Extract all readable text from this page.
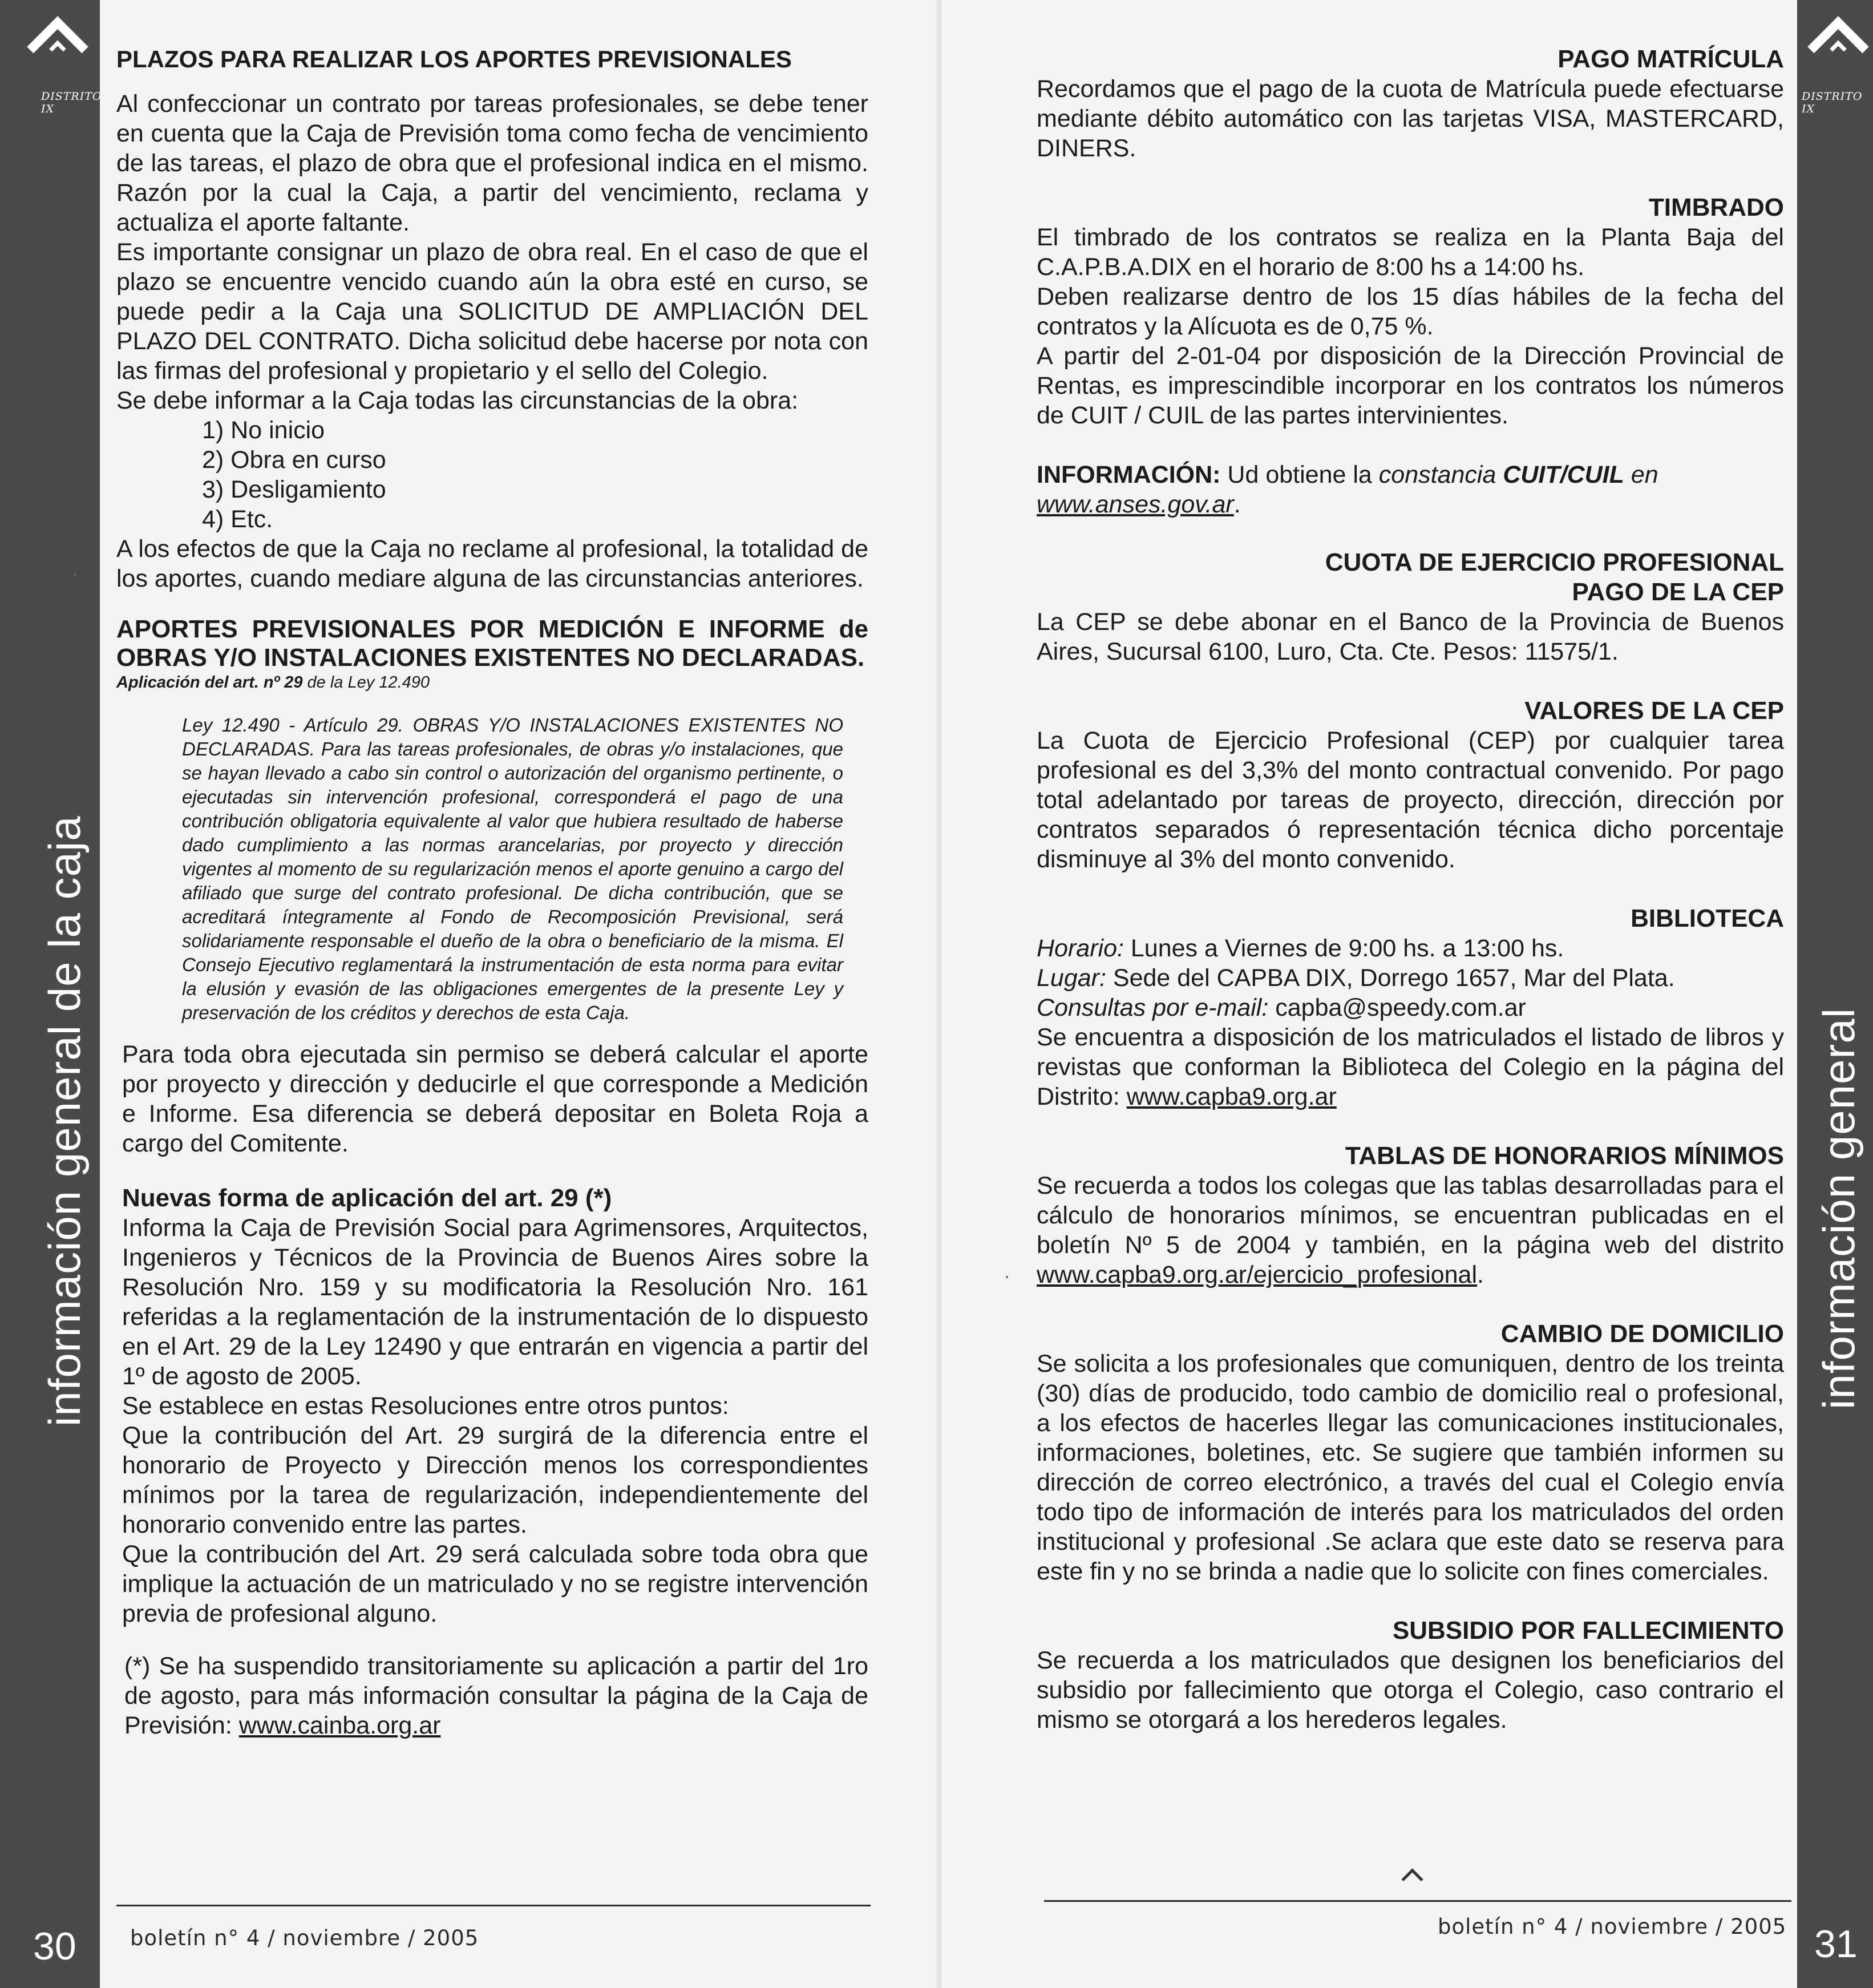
DISTRITO IX
información general de la caja
30

PLAZOS PARA REALIZAR LOS APORTES PREVISIONALES

Al confeccionar un contrato por tareas profesionales, se debe tener en cuenta que la Caja de Previsión toma como fecha de vencimiento de las tareas, el plazo de obra que el profesional indica en el mismo. Razón por la cual la Caja, a partir del vencimiento, reclama y actualiza el aporte faltante.

Es importante consignar un plazo de obra real. En el caso de que el plazo se encuentre vencido cuando aún la obra esté en curso, se puede pedir a la Caja una SOLICITUD DE AMPLIACIÓN DEL PLAZO DEL CONTRATO. Dicha solicitud debe hacerse por nota con las firmas del profesional y propietario y el sello del Colegio.

Se debe informar a la Caja todas las circunstancias de la obra:

1) No inicio
2) Obra en curso
3) Desligamiento
4) Etc.

A los efectos de que la Caja no reclame al profesional, la totalidad de los aportes, cuando mediare alguna de las circunstancias anteriores.

APORTES PREVISIONALES POR MEDICIÓN E INFORME de OBRAS Y/O INSTALACIONES EXISTENTES NO DECLARADAS.

Aplicación del art. nº 29 de la Ley 12.490

Ley 12.490 - Artículo 29. OBRAS Y/O INSTALACIONES EXISTENTES NO DECLARADAS. Para las tareas profesionales, de obras y/o instalaciones, que se hayan llevado a cabo sin control o autorización del organismo pertinente, o ejecutadas sin intervención profesional, corresponderá el pago de una contribución obligatoria equivalente al valor que hubiera resultado de haberse dado cumplimiento a las normas arancelarias, por proyecto y dirección vigentes al momento de su regularización menos el aporte genuino a cargo del afiliado que surge del contrato profesional. De dicha contribución, que se acreditará íntegramente al Fondo de Recomposición Previsional, será solidariamente responsable el dueño de la obra o beneficiario de la misma. El Consejo Ejecutivo reglamentará la instrumentación de esta norma para evitar la elusión y evasión de las obligaciones emergentes de la presente Ley y preservación de los créditos y derechos de esta Caja.

Para toda obra ejecutada sin permiso se deberá calcular el aporte por proyecto y dirección y deducirle el que corresponde a Medición e Informe. Esa diferencia se deberá depositar en Boleta Roja a cargo del Comitente.

Nuevas forma de aplicación del art. 29 (*)

Informa la Caja de Previsión Social para Agrimensores, Arquitectos, Ingenieros y Técnicos de la Provincia de Buenos Aires sobre la Resolución Nro. 159 y su modificatoria la Resolución Nro. 161 referidas a la reglamentación de la instrumentación de lo dispuesto en el Art. 29 de la Ley 12490 y que entrarán en vigencia a partir del 1º de agosto de 2005.

Se establece en estas Resoluciones entre otros puntos:

Que la contribución del Art. 29 surgirá de la diferencia entre el honorario de Proyecto y Dirección menos los correspondientes mínimos por la tarea de regularización, independientemente del honorario convenido entre las partes.

Que la contribución del Art. 29 será calculada sobre toda obra que implique la actuación de un matriculado y no se registre intervención previa de profesional alguno.

(*) Se ha suspendido transitoriamente su aplicación a partir del 1ro de agosto, para más información consultar la página de la Caja de Previsión: www.cainba.org.ar

boletín n° 4 / noviembre / 2005
DISTRITO IX
información general
31

PAGO MATRÍCULA

Recordamos que el pago de la cuota de Matrícula puede efectuarse mediante débito automático con las tarjetas VISA, MASTERCARD, DINERS.

TIMBRADO

El timbrado de los contratos se realiza en la Planta Baja del C.A.P.B.A.DIX en el horario de 8:00 hs a 14:00 hs.

Deben realizarse dentro de los 15 días hábiles de la fecha del contratos y la Alícuota es de 0,75 %.

A partir del 2-01-04 por disposición de la Dirección Provincial de Rentas, es imprescindible incorporar en los contratos los números de CUIT / CUIL de las partes intervinientes.

INFORMACIÓN: Ud obtiene la constancia CUIT/CUIL en
www.anses.gov.ar.

CUOTA DE EJERCICIO PROFESIONAL

PAGO DE LA CEP

La CEP se debe abonar en el Banco de la Provincia de Buenos Aires, Sucursal 6100, Luro, Cta. Cte. Pesos: 11575/1.

VALORES DE LA CEP

La Cuota de Ejercicio Profesional (CEP) por cualquier tarea profesional es del 3,3% del monto contractual convenido. Por pago total adelantado por tareas de proyecto, dirección, dirección por contratos separados ó representación técnica dicho porcentaje disminuye al 3% del monto convenido.

BIBLIOTECA

Horario: Lunes a Viernes de 9:00 hs. a 13:00 hs.

Lugar: Sede del CAPBA DIX, Dorrego 1657, Mar del Plata.

Consultas por e-mail: capba@speedy.com.ar

Se encuentra a disposición de los matriculados el listado de libros y revistas que conforman la Biblioteca del Colegio en la página del Distrito: www.capba9.org.ar

TABLAS DE HONORARIOS MÍNIMOS

Se recuerda a todos los colegas que las tablas desarrolladas para el cálculo de honorarios mínimos, se encuentran publicadas en el boletín Nº 5 de 2004 y también, en la página web del distrito www.capba9.org.ar/ejercicio_profesional.

CAMBIO DE DOMICILIO

Se solicita a los profesionales que comuniquen, dentro de los treinta (30) días de producido, todo cambio de domicilio real o profesional, a los efectos de hacerles llegar las comunicaciones institucionales, informaciones, boletines, etc. Se sugiere que también informen su dirección de correo electrónico, a través del cual el Colegio envía todo tipo de información de interés para los matriculados del orden institucional y profesional .Se aclara que este dato se reserva para este fin y no se brinda a nadie que lo solicite con fines comerciales.

SUBSIDIO POR FALLECIMIENTO

Se recuerda a los matriculados que designen los beneficiarios del subsidio por fallecimiento que otorga el Colegio, caso contrario el mismo se otorgará a los herederos legales.

boletín n° 4 / noviembre / 2005
